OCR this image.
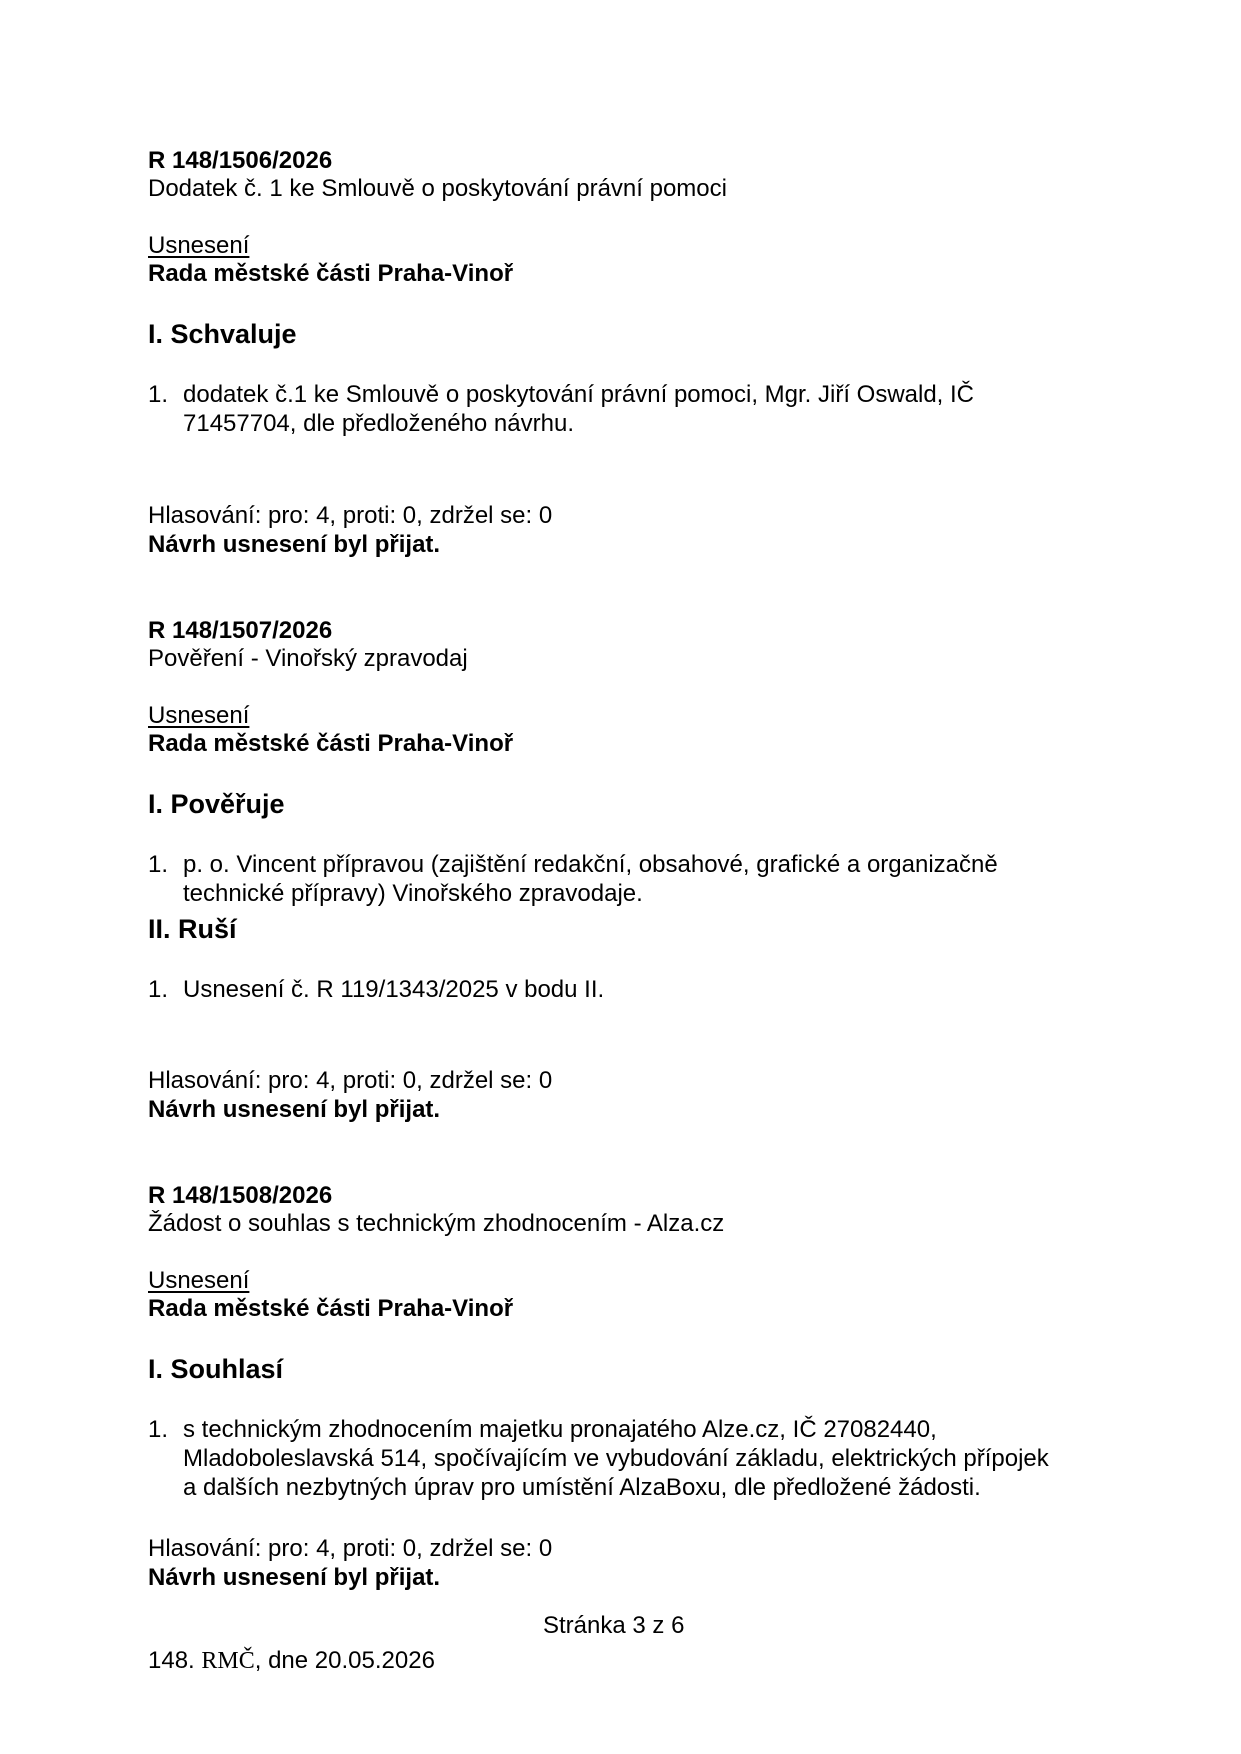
R 148/1506/2026
Dodatek č. 1 ke Smlouvě o poskytování právní pomoci
Usnesení
Rada městské části Praha-Vinoř
I. Schvaluje
1. dodatek č.1 ke Smlouvě o poskytování právní pomoci, Mgr. Jiří Oswald, IČ
71457704, dle předloženého návrhu.
Hlasování: pro: 4, proti: 0, zdržel se: 0
Návrh usnesení byl přijat.
R 148/1507/2026
Pověření - Vinořský zpravodaj
Usnesení
Rada městské části Praha-Vinoř
I. Pověřuje
1. p. o. Vincent přípravou (zajištění redakční, obsahové, grafické a organizačně
technické přípravy) Vinořského zpravodaje.
II. Ruší
1. Usnesení č. R 119/1343/2025 v bodu II.
Hlasování: pro: 4, proti: 0, zdržel se: 0
Návrh usnesení byl přijat.
R 148/1508/2026
Žádost o souhlas s technickým zhodnocením - Alza.cz
Usnesení
Rada městské části Praha-Vinoř
I. Souhlasí
1. s technickým zhodnocením majetku pronajatého Alze.cz, IČ 27082440,
Mladoboleslavská 514, spočívajícím ve vybudování základu, elektrických přípojek
a dalších nezbytných úprav pro umístění AlzaBoxu, dle předložené žádosti.
Hlasování: pro: 4, proti: 0, zdržel se: 0
Návrh usnesení byl přijat.
Stránka 3 z 6
148. RMČ, dne 20.05.2026
